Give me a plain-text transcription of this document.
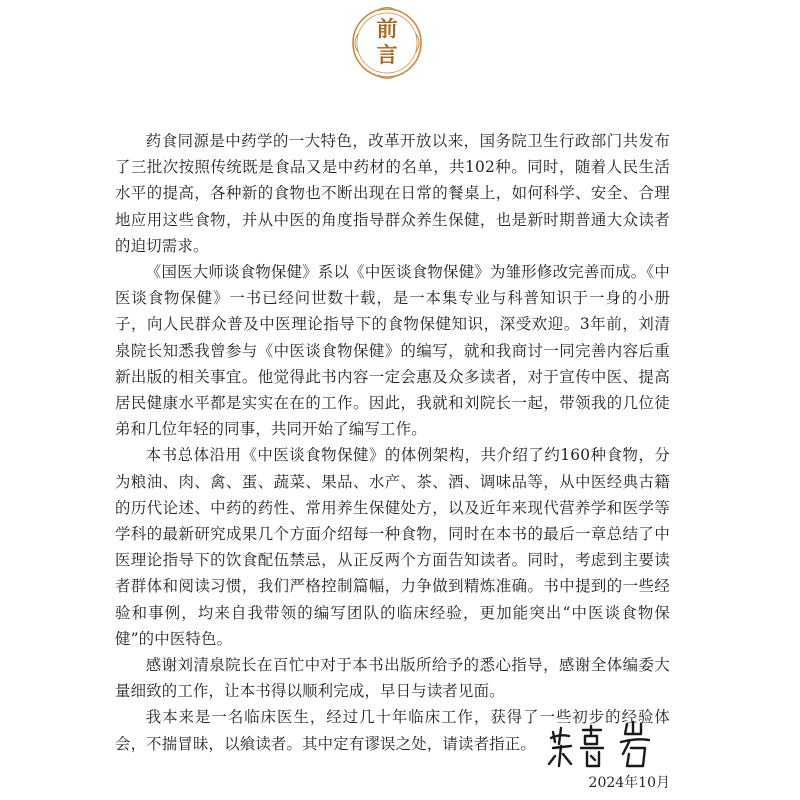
前
言

药食同源是中药学的一大特色，改革开放以来，国务院卫生行政部门共发布了三批次按照传统既是食品又是中药材的名单，共102种。同时，随着人民生活水平的提高，各种新的食物也不断出现在日常的餐桌上，如何科学、安全、合理地应用这些食物，并从中医的角度指导群众养生保健，也是新时期普通大众读者的迫切需求。

《国医大师谈食物保健》系以《中医谈食物保健》为雏形修改完善而成。《中医谈食物保健》一书已经问世数十载，是一本集专业与科普知识于一身的小册子，向人民群众普及中医理论指导下的食物保健知识，深受欢迎。3年前，刘清泉院长知悉我曾参与《中医谈食物保健》的编写，就和我商讨一同完善内容后重新出版的相关事宜。他觉得此书内容一定会惠及众多读者，对于宣传中医、提高居民健康水平都是实实在在的工作。因此，我就和刘院长一起，带领我的几位徒弟和几位年轻的同事，共同开始了编写工作。

本书总体沿用《中医谈食物保健》的体例架构，共介绍了约160种食物，分为粮油、肉、禽、蛋、蔬菜、果品、水产、茶、酒、调味品等，从中医经典古籍的历代论述、中药的药性、常用养生保健处方，以及近年来现代营养学和医学等学科的最新研究成果几个方面介绍每一种食物，同时在本书的最后一章总结了中医理论指导下的饮食配伍禁忌，从正反两个方面告知读者。同时，考虑到主要读者群体和阅读习惯，我们严格控制篇幅，力争做到精炼准确。书中提到的一些经验和事例，均来自我带领的编写团队的临床经验，更加能突出“中医谈食物保健”的中医特色。

感谢刘清泉院长在百忙中对于本书出版所给予的悉心指导，感谢全体编委大量细致的工作，让本书得以顺利完成，早日与读者见面。

我本来是一名临床医生，经过几十年临床工作，获得了一些初步的经验体会，不揣冒昧，以飨读者。其中定有谬误之处，请读者指正。

2024年10月
